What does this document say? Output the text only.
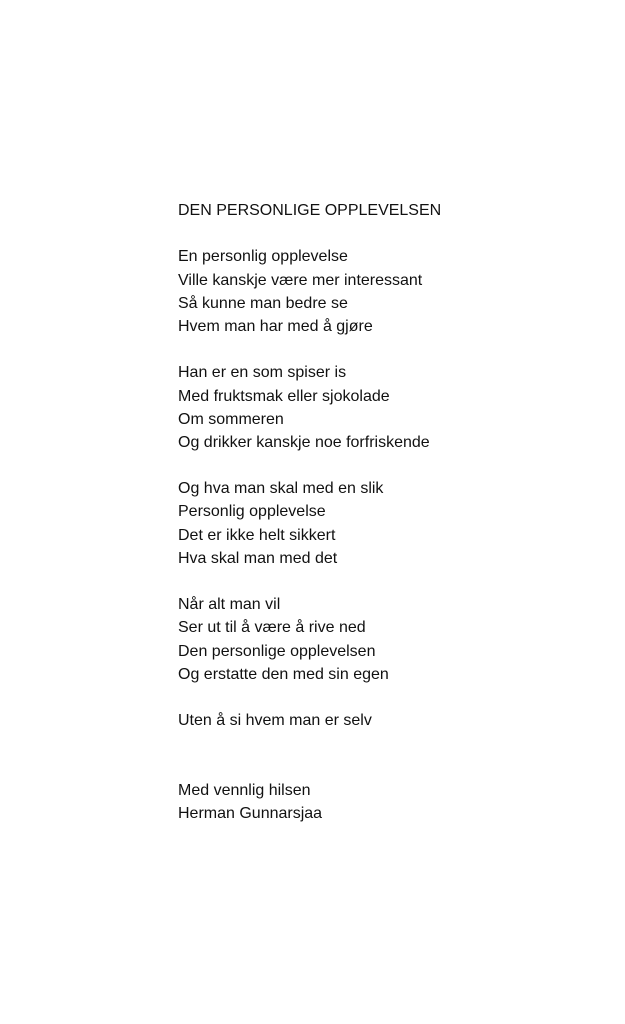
DEN PERSONLIGE OPPLEVELSEN

En personlig opplevelse

Ville kanskje være mer interessant

Så kunne man bedre se

Hvem man har med å gjøre

Han er en som spiser is

Med fruktsmak eller sjokolade

Om sommeren

Og drikker kanskje noe forfriskende

Og hva man skal med en slik

Personlig opplevelse

Det er ikke helt sikkert

Hva skal man med det

Når alt man vil

Ser ut til å være å rive ned

Den personlige opplevelsen

Og erstatte den med sin egen

Uten å si hvem man er selv

Med vennlig hilsen

Herman Gunnarsjaa
